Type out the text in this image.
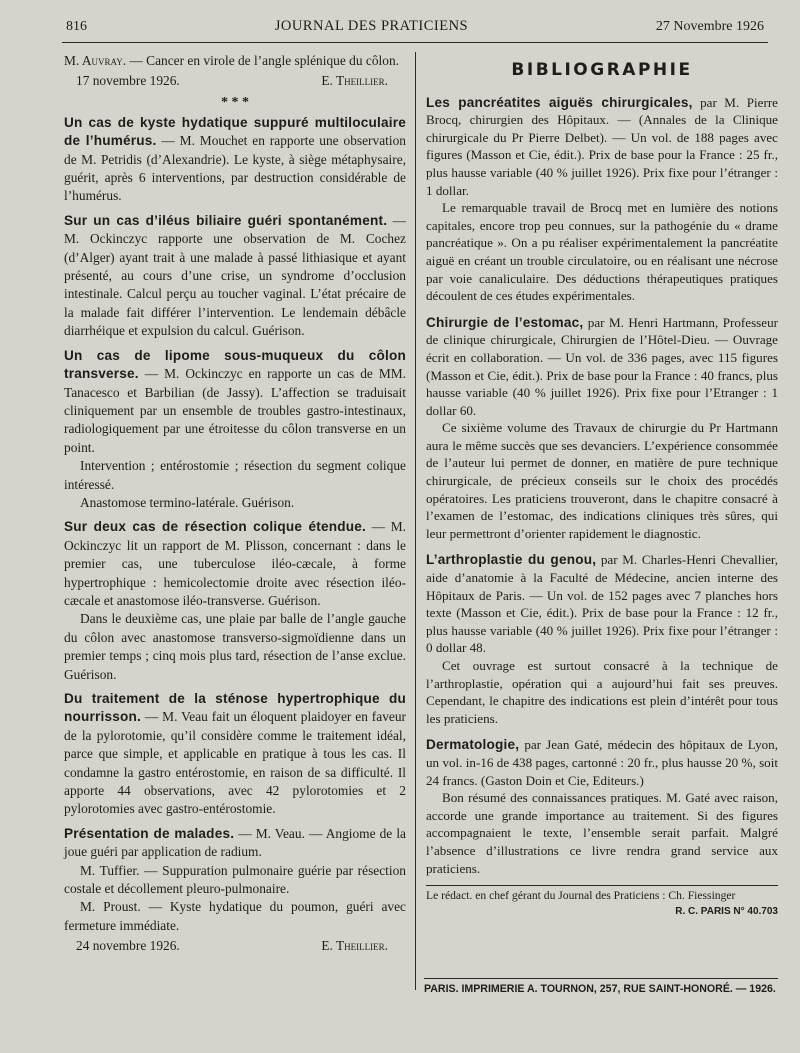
816	JOURNAL DES PRATICIENS	27 Novembre 1926

M. Auvray. — Cancer en virole de l’angle splénique du côlon.

17 novembre 1926.	E. Theillier.
* * *

Un cas de kyste hydatique suppuré multiloculaire de l’humérus. — M. Mouchet en rapporte une observation de M. Petridis (d’Alexandrie). Le kyste, à siège métaphysaire, guérit, après 6 interventions, par destruction considérable de l’humérus.

Sur un cas d’iléus biliaire guéri spontanément. — M. Ockinczyc rapporte une observation de M. Cochez (d’Alger) ayant trait à une malade à passé lithiasique et ayant présenté, au cours d’une crise, un syndrome d’occlusion intestinale. Calcul perçu au toucher vaginal. L’état précaire de la malade fait différer l’intervention. Le lendemain débâcle diarrhéique et expulsion du calcul. Guérison.

Un cas de lipome sous-muqueux du côlon transverse. — M. Ockinczyc en rapporte un cas de MM. Tanacesco et Barbilian (de Jassy). L’affection se traduisait cliniquement par un ensemble de troubles gastro-intestinaux, radiologiquement par une étroitesse du côlon transverse en un point.

Intervention ; entérostomie ; résection du segment colique intéressé.

Anastomose termino-latérale. Guérison.

Sur deux cas de résection colique étendue. — M. Ockinczyc lit un rapport de M. Plisson, concernant : dans le premier cas, une tuberculose iléo-cæcale, à forme hypertrophique : hemicolectomie droite avec résection iléo-cæcale et anastomose iléo-transverse. Guérison.

Dans le deuxième cas, une plaie par balle de l’angle gauche du côlon avec anastomose transverso-sigmoïdienne dans un premier temps ; cinq mois plus tard, résection de l’anse exclue. Guérison.

Du traitement de la sténose hypertrophique du nourrisson. — M. Veau fait un éloquent plaidoyer en faveur de la pylorotomie, qu’il considère comme le traitement idéal, parce que simple, et applicable en pratique à tous les cas. Il condamne la gastro entérostomie, en raison de sa difficulté. Il apporte 44 observations, avec 42 pylorotomies et 2 pylorotomies avec gastro-entérostomie.

Présentation de malades. — M. Veau. — Angiome de la joue guéri par application de radium.

M. Tuffier. — Suppuration pulmonaire guérie par résection costale et décollement pleuro-pulmonaire.

M. Proust. — Kyste hydatique du poumon, guéri avec fermeture immédiate.

24 novembre 1926.	E. Theillier.
BIBLIOGRAPHIE

Les pancréatites aiguës chirurgicales, par M. Pierre Brocq, chirurgien des Hôpitaux. — (Annales de la Clinique chirurgicale du Pr Pierre Delbet). — Un vol. de 188 pages avec figures (Masson et Cie, édit.). Prix de base pour la France : 25 fr., plus hausse variable (40 % juillet 1926). Prix fixe pour l’étranger : 1 dollar.

Le remarquable travail de Brocq met en lumière des notions capitales, encore trop peu connues, sur la pathogénie du « drame pancréatique ». On a pu réaliser expérimentalement la pancréatite aiguë en créant un trouble circulatoire, ou en réalisant une nécrose par voie canaliculaire. Des déductions thérapeutiques pratiques découlent de ces études expérimentales.

Chirurgie de l’estomac, par M. Henri Hartmann, Professeur de clinique chirurgicale, Chirurgien de l’Hôtel-Dieu. — Ouvrage écrit en collaboration. — Un vol. de 336 pages, avec 115 figures (Masson et Cie, édit.). Prix de base pour la France : 40 francs, plus hausse variable (40 % juillet 1926). Prix fixe pour l’Etranger : 1 dollar 60.

Ce sixième volume des Travaux de chirurgie du Pr Hartmann aura le même succès que ses devanciers. L’expérience consommée de l’auteur lui permet de donner, en matière de pure technique chirurgicale, de précieux conseils sur le choix des procédés opératoires. Les praticiens trouveront, dans le chapitre consacré à l’examen de l’estomac, des indications cliniques très sûres, qui leur permettront d’orienter rapidement le diagnostic.

L’arthroplastie du genou, par M. Charles-Henri Chevallier, aide d’anatomie à la Faculté de Médecine, ancien interne des Hôpitaux de Paris. — Un vol. de 152 pages avec 7 planches hors texte (Masson et Cie, édit.). Prix de base pour la France : 12 fr., plus hausse variable (40 % juillet 1926). Prix fixe pour l’étranger : 0 dollar 48.

Cet ouvrage est surtout consacré à la technique de l’arthroplastie, opération qui a aujourd’hui fait ses preuves. Cependant, le chapitre des indications est plein d’intérêt pour tous les praticiens.

Dermatologie, par Jean Gaté, médecin des hôpitaux de Lyon, un vol. in-16 de 438 pages, cartonné : 20 fr., plus hausse 20 %, soit 24 francs. (Gaston Doin et Cie, Editeurs.)

Bon résumé des connaissances pratiques. M. Gaté avec raison, accorde une grande importance au traitement. Si des figures accompagnaient le texte, l’ensemble serait parfait. Malgré l’absence d’illustrations ce livre rendra grand service aux praticiens.

Le rédact. en chef gérant du Journal des Praticiens : Ch. Fiessinger
R. C. PARIS N° 40.703
PARIS. IMPRIMERIE A. TOURNON, 257, RUE SAINT-HONORÉ. — 1926.
